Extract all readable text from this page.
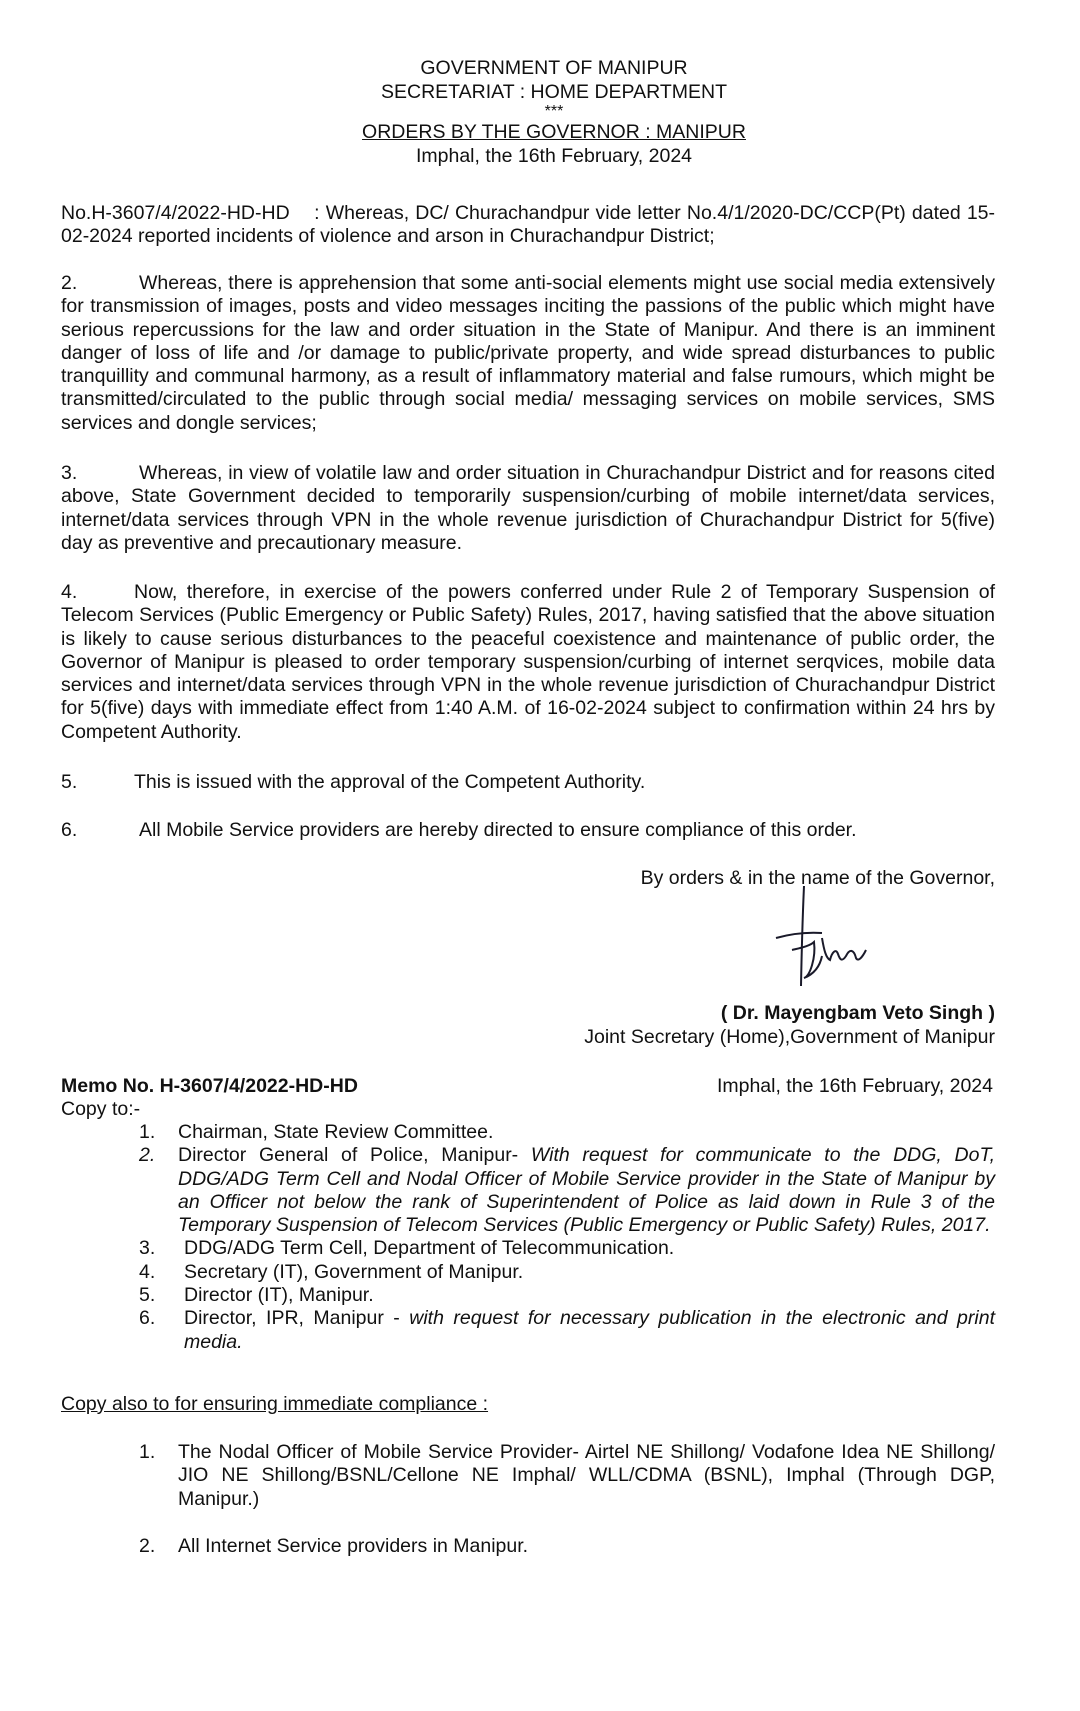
GOVERNMENT OF MANIPUR
SECRETARIAT : HOME DEPARTMENT
***
ORDERS BY THE GOVERNOR : MANIPUR
Imphal, the 16th February, 2024

No.H-3607/4/2022-HD-HD : Whereas, DC/ Churachandpur vide letter No.4/1/2020-DC/CCP(Pt) dated 15-02-2024 reported incidents of violence and arson in Churachandpur District;

2.	Whereas, there is apprehension that some anti-social elements might use social media extensively for transmission of images, posts and video messages inciting the passions of the public which might have serious repercussions for the law and order situation in the State of Manipur. And there is an imminent danger of loss of life and /or damage to public/private property, and wide spread disturbances to public tranquillity and communal harmony, as a result of inflammatory material and false rumours, which might be transmitted/circulated to the public through social media/ messaging services on mobile services, SMS services and dongle services;

3.	Whereas, in view of volatile law and order situation in Churachandpur District and for reasons cited above, State Government decided to temporarily suspension/curbing of mobile internet/data services, internet/data services through VPN in the whole revenue jurisdiction of Churachandpur District for 5(five) day as preventive and precautionary measure.

4.	Now, therefore, in exercise of the powers conferred under Rule 2 of Temporary Suspension of Telecom Services (Public Emergency or Public Safety) Rules, 2017, having satisfied that the above situation is likely to cause serious disturbances to the peaceful coexistence and maintenance of public order, the Governor of Manipur is pleased to order temporary suspension/curbing of internet serqvices, mobile data services and internet/data services through VPN in the whole revenue jurisdiction of Churachandpur District for 5(five) days with immediate effect from 1:40 A.M. of 16-02-2024 subject to confirmation within 24 hrs by Competent Authority.

5.	This is issued with the approval of the Competent Authority.

6.	All Mobile Service providers are hereby directed to ensure compliance of this order.

By orders & in the name of the Governor,
( Dr. Mayengbam Veto Singh )
Joint Secretary (Home),Government of Manipur
Memo No. H-3607/4/2022-HD-HD	Imphal, the 16th February, 2024
Copy to:-
1. Chairman, State Review Committee.
2. Director General of Police, Manipur- With request for communicate to the DDG, DoT, DDG/ADG Term Cell and Nodal Officer of Mobile Service provider in the State of Manipur by an Officer not below the rank of Superintendent of Police as laid down in Rule 3 of the Temporary Suspension of Telecom Services (Public Emergency or Public Safety) Rules, 2017.
3. DDG/ADG Term Cell, Department of Telecommunication.
4. Secretary (IT), Government of Manipur.
5. Director (IT), Manipur.
6. Director, IPR, Manipur - with request for necessary publication in the electronic and print media.
Copy also to for ensuring immediate compliance :
1. The Nodal Officer of Mobile Service Provider- Airtel NE Shillong/ Vodafone Idea NE Shillong/ JIO NE Shillong/BSNL/Cellone NE Imphal/ WLL/CDMA (BSNL), Imphal (Through DGP, Manipur.)
2. All Internet Service providers in Manipur.
